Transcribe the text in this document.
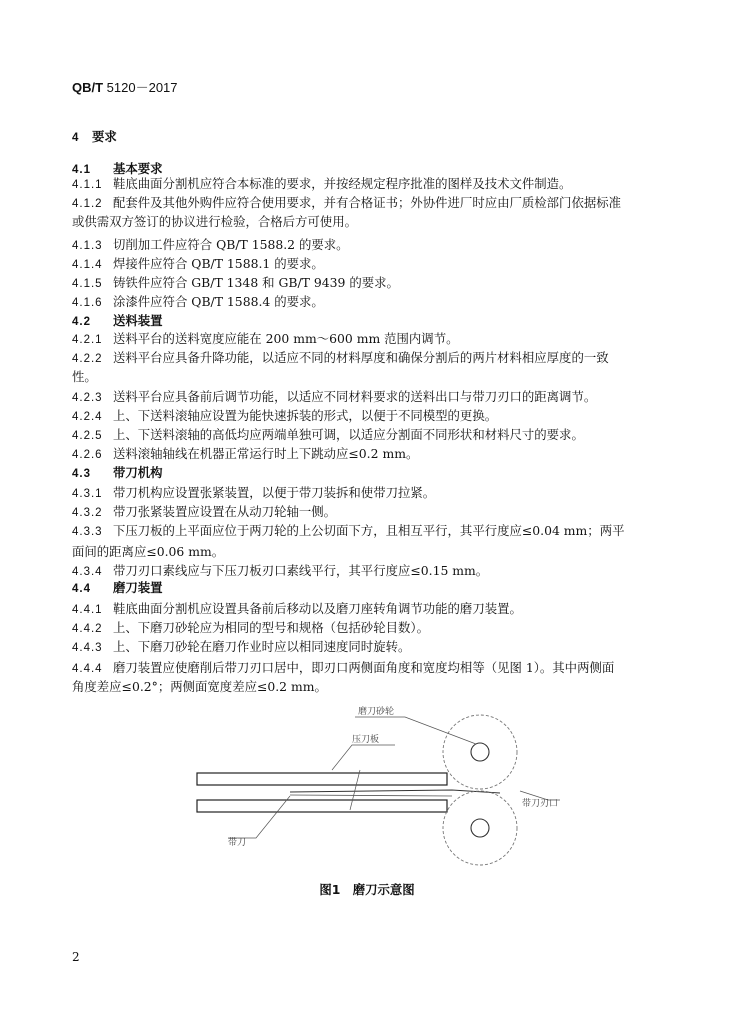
QB/T 5120－2017
4 要求
4.1 基本要求
4.1.1 鞋底曲面分割机应符合本标准的要求，并按经规定程序批准的图样及技术文件制造。
4.1.2 配套件及其他外购件应符合使用要求，并有合格证书；外协件进厂时应由厂质检部门依据标准
或供需双方签订的协议进行检验，合格后方可使用。
4.1.3 切削加工件应符合 QB/T 1588.2 的要求。
4.1.4 焊接件应符合 QB/T 1588.1 的要求。
4.1.5 铸铁件应符合 GB/T 1348 和 GB/T 9439 的要求。
4.1.6 涂漆件应符合 QB/T 1588.4 的要求。
4.2 送料装置
4.2.1 送料平台的送料宽度应能在 200 mm～600 mm 范围内调节。
4.2.2 送料平台应具备升降功能，以适应不同的材料厚度和确保分割后的两片材料相应厚度的一致
性。
4.2.3 送料平台应具备前后调节功能，以适应不同材料要求的送料出口与带刀刃口的距离调节。
4.2.4 上、下送料滚轴应设置为能快速拆装的形式，以便于不同模型的更换。
4.2.5 上、下送料滚轴的高低均应两端单独可调，以适应分割面不同形状和材料尺寸的要求。
4.2.6 送料滚轴轴线在机器正常运行时上下跳动应≤0.2 mm。
4.3 带刀机构
4.3.1 带刀机构应设置张紧装置，以便于带刀装拆和使带刀拉紧。
4.3.2 带刀张紧装置应设置在从动刀轮轴一侧。
4.3.3 下压刀板的上平面应位于两刀轮的上公切面下方，且相互平行，其平行度应≤0.04 mm；两平
面间的距离应≤0.06 mm。
4.3.4 带刀刃口素线应与下压刀板刃口素线平行，其平行度应≤0.15 mm。
4.4 磨刀装置
4.4.1 鞋底曲面分割机应设置具备前后移动以及磨刀座转角调节功能的磨刀装置。
4.4.2 上、下磨刀砂轮应为相同的型号和规格（包括砂轮目数）。
4.4.3 上、下磨刀砂轮在磨刀作业时应以相同速度同时旋转。
4.4.4 磨刀装置应使磨削后带刀刃口居中，即刃口两侧面角度和宽度均相等（见图 1）。其中两侧面
角度差应≤0.2°；两侧面宽度差应≤0.2 mm。
磨刀砂轮
压刀板
带刀刃口
带刀
图1　磨刀示意图
2
